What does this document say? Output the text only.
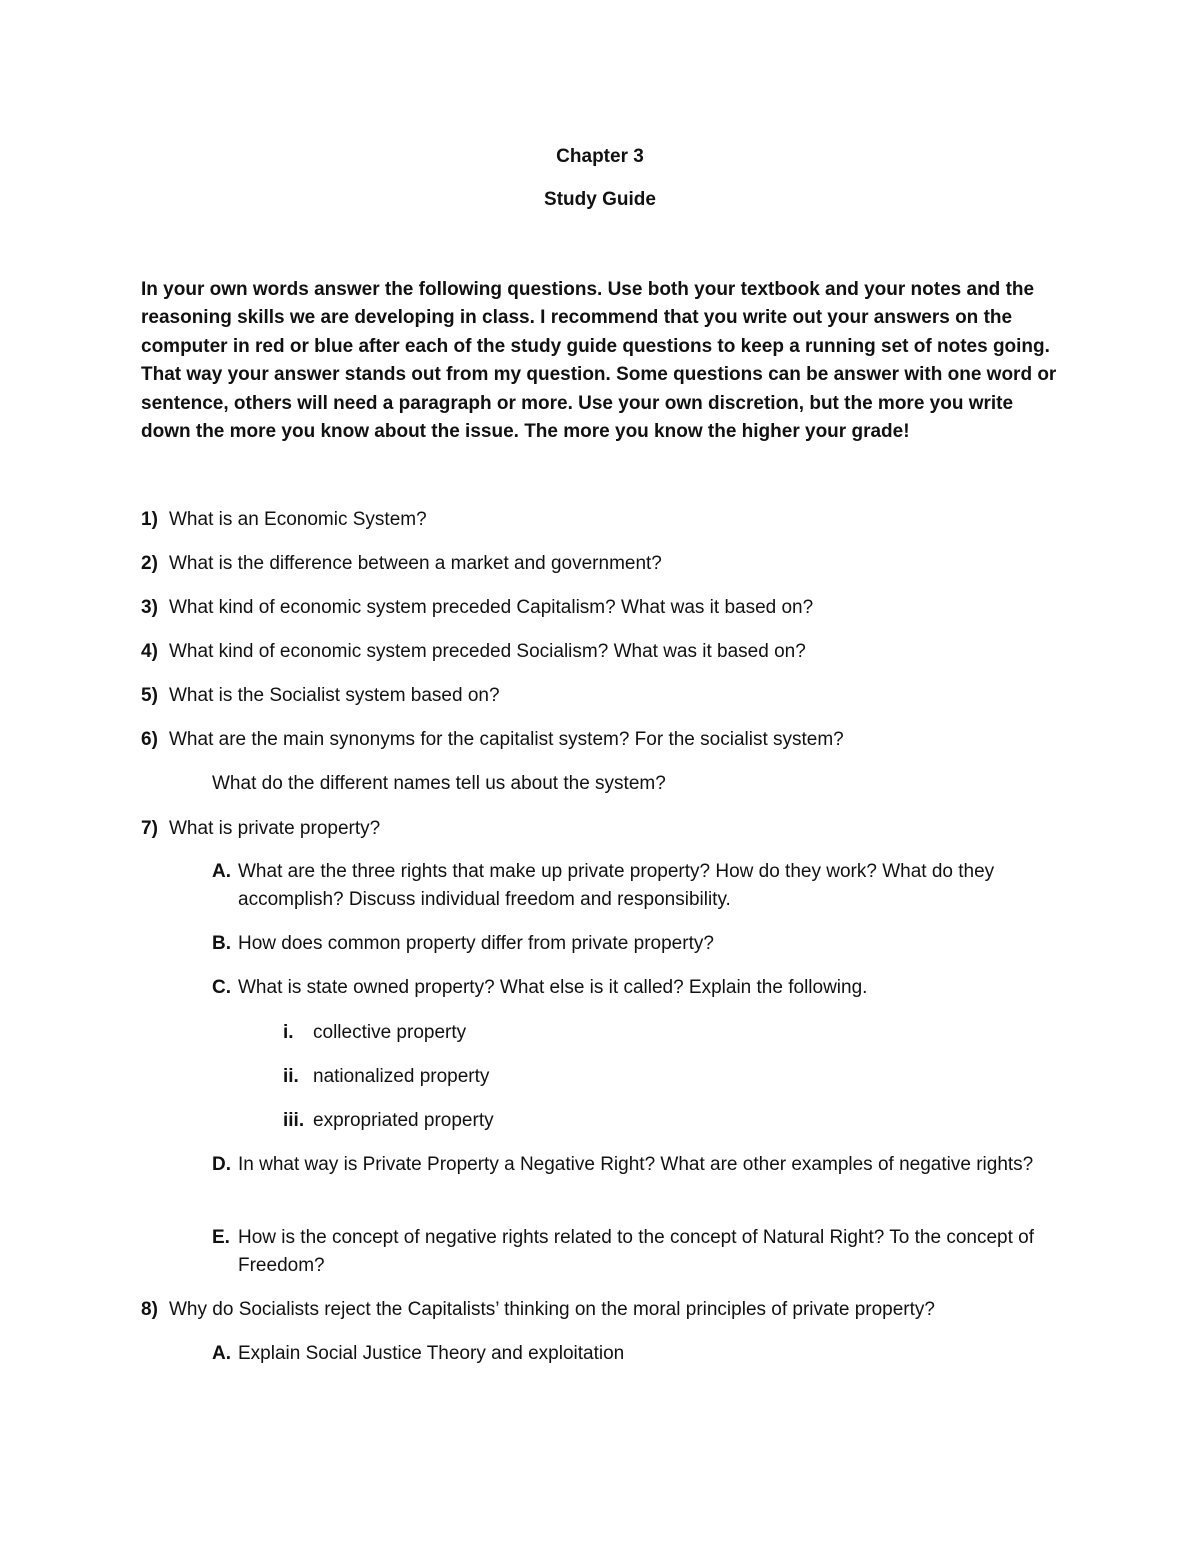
Chapter 3
Study Guide
In your own words answer the following questions. Use both your textbook and your notes and the reasoning skills we are developing in class. I recommend that you write out your answers on the computer in red or blue after each of the study guide questions to keep a running set of notes going. That way your answer stands out from my question. Some questions can be answer with one word or sentence, others will need a paragraph or more. Use your own discretion, but the more you write down the more you know about the issue. The more you know the higher your grade!
1) What is an Economic System?
2) What is the difference between a market and government?
3) What kind of economic system preceded Capitalism? What was it based on?
4) What kind of economic system preceded Socialism? What was it based on?
5) What is the Socialist system based on?
6) What are the main synonyms for the capitalist system? For the socialist system?
What do the different names tell us about the system?
7) What is private property?
A. What are the three rights that make up private property? How do they work? What do they accomplish? Discuss individual freedom and responsibility.
B. How does common property differ from private property?
C. What is state owned property? What else is it called? Explain the following.
i.	collective property
ii. nationalized property
iii. expropriated property
D. In what way is Private Property a Negative Right? What are other examples of negative rights?
E. How is the concept of negative rights related to the concept of Natural Right? To the concept of Freedom?
8) Why do Socialists reject the Capitalists’ thinking on the moral principles of private property?
A. Explain Social Justice Theory and exploitation
